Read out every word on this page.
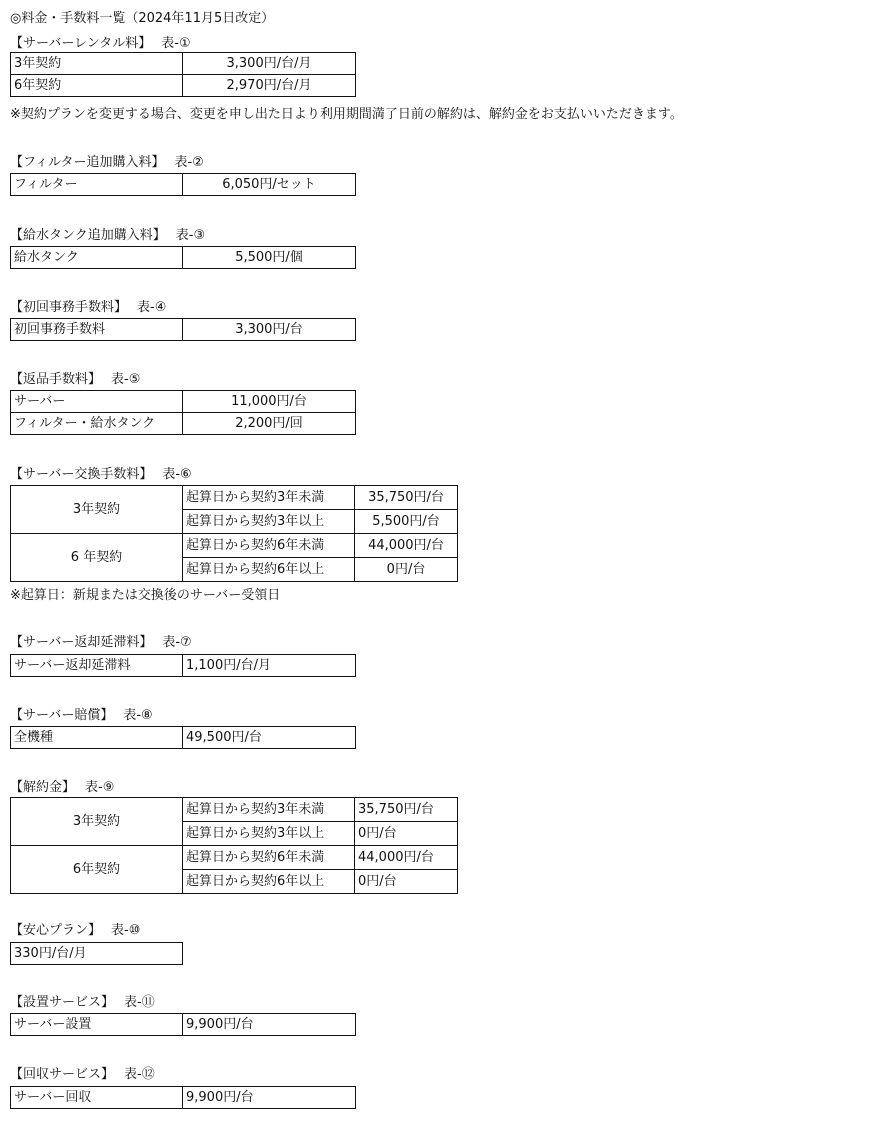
◎料金・手数料一覧（2024年11月5日改定）
【サーバーレンタル料】 表-①
3年契約	3,300円/台/月
6年契約	2,970円/台/月
※契約プランを変更する場合、変更を申し出た日より利用期間満了日前の解約は、解約金をお支払いいただきます。
【フィルター追加購入料】 表-②
フィルター	6,050円/セット
【給水タンク追加購入料】 表-③
給水タンク	5,500円/個
【初回事務手数料】 表-④
初回事務手数料	3,300円/台
【返品手数料】 表-⑤
サーバー	11,000円/台
フィルター・給水タンク	2,200円/回
【サーバー交換手数料】 表-⑥
3年契約	起算日から契約3年未満	35,750円/台
	起算日から契約3年以上	5,500円/台
6 年契約	起算日から契約6年未満	44,000円/台
	起算日から契約6年以上	0円/台
※起算日：新規または交換後のサーバー受領日
【サーバー返却延滞料】 表-⑦
サーバー返却延滞料	1,100円/台/月
【サーバー賠償】 表-⑧
全機種	49,500円/台
【解約金】 表-⑨
3年契約	起算日から契約3年未満	35,750円/台
	起算日から契約3年以上	0円/台
6年契約	起算日から契約6年未満	44,000円/台
	起算日から契約6年以上	0円/台
【安心プラン】 表-⑩
330円/台/月
【設置サービス】 表-⑪
サーバー設置	9,900円/台
【回収サービス】 表-⑫
サーバー回収	9,900円/台
